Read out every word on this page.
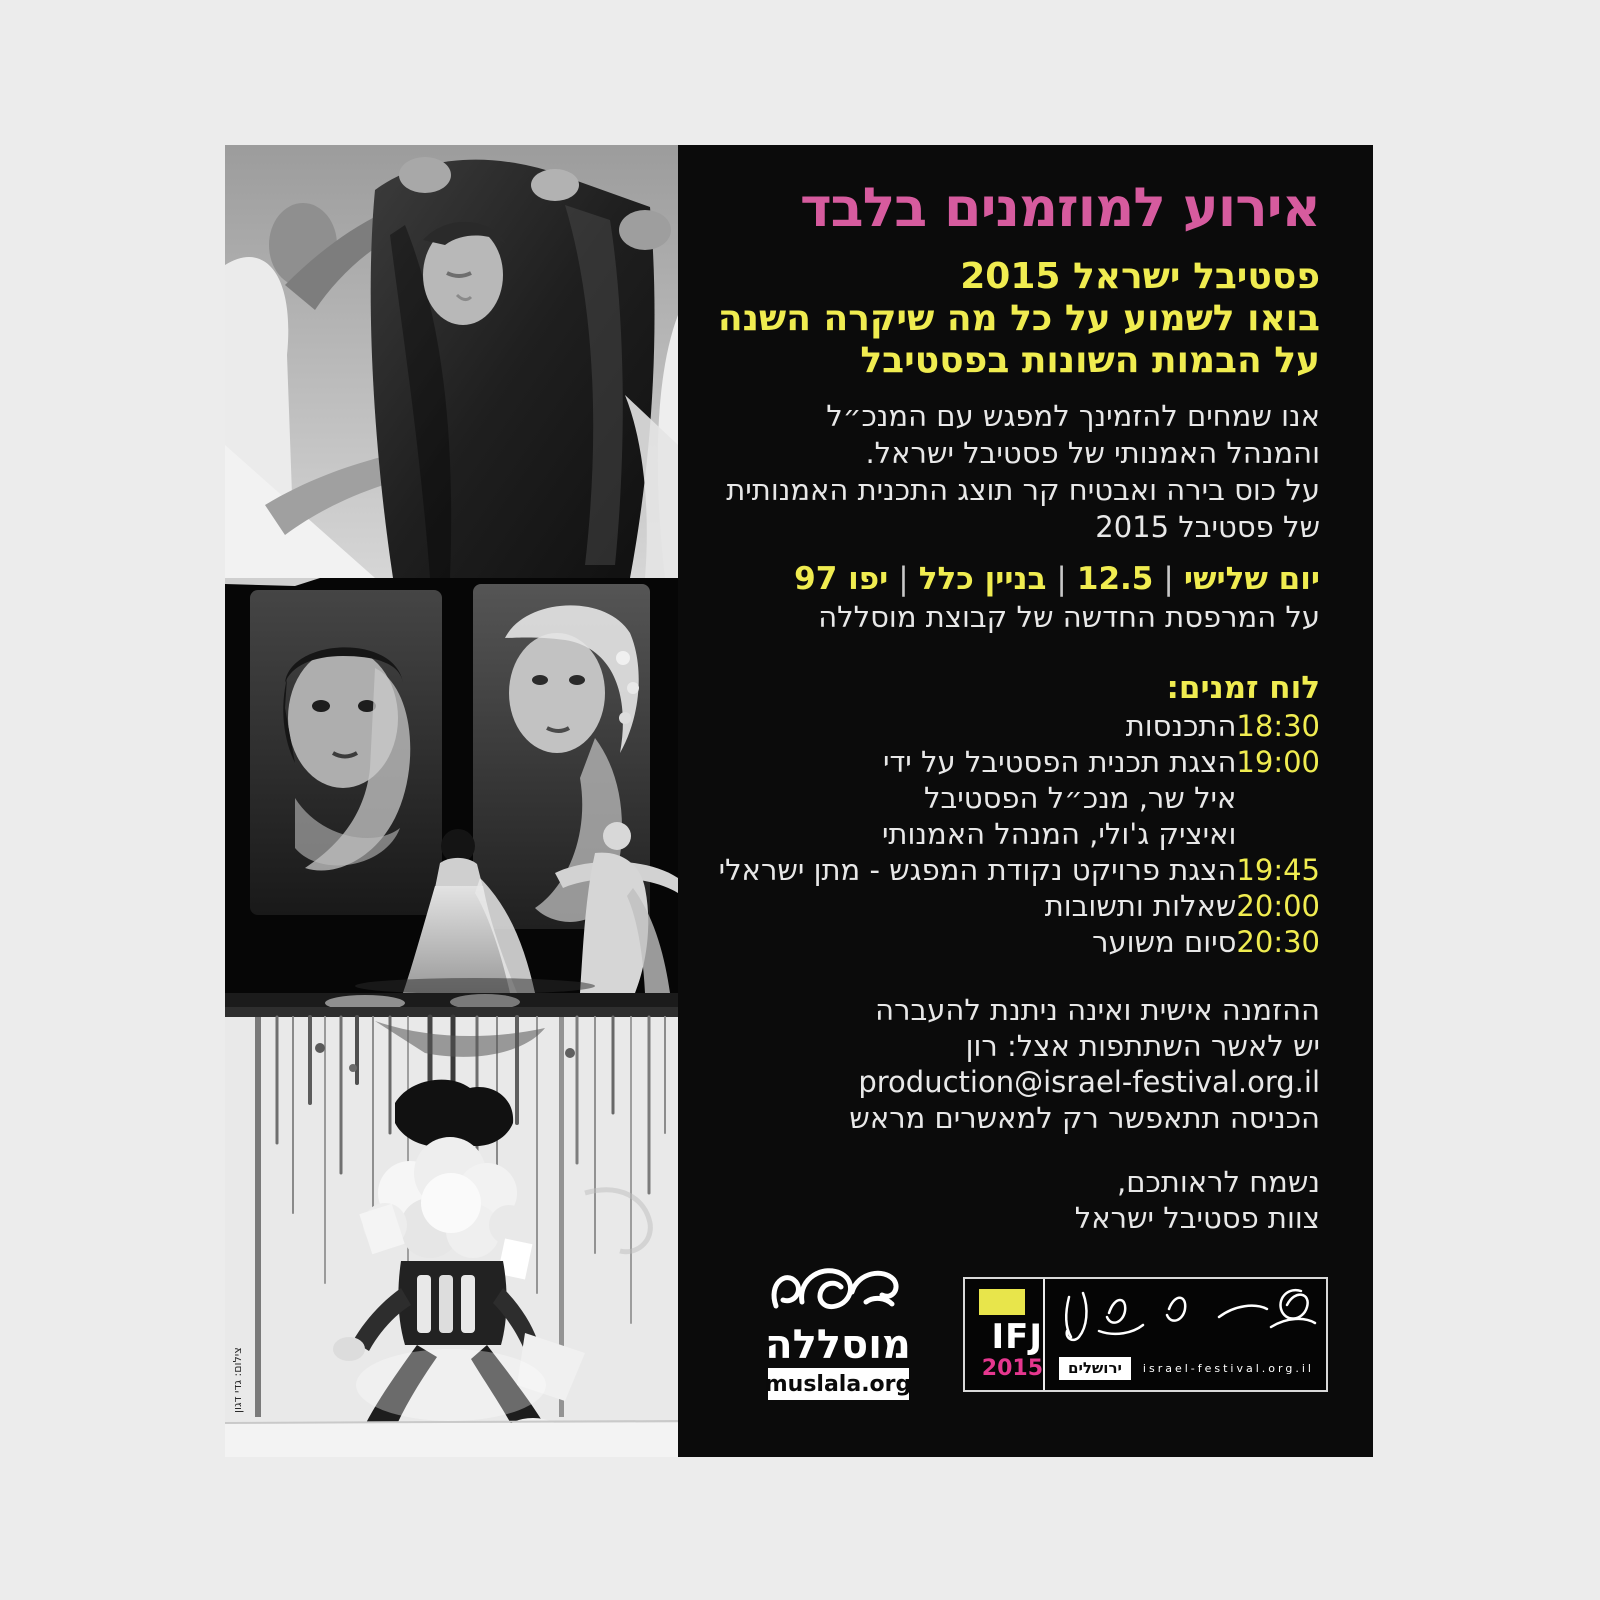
צילום: גדי דגון
אירוע למוזמנים בלבד
פסטיבל ישראל 2015
בואו לשמוע על כל מה שיקרה השנה
על הבמות השונות בפסטיבל
אנו שמחים להזמינך למפגש עם המנכ״ל
והמנהל האמנותי של פסטיבל ישראל.
על כוס בירה ואבטיח קר תוצג התכנית האמנותית
של פסטיבל 2015
יום שלישי|12.5|בניין כלל|יפו 97
על המרפסת החדשה של קבוצת מוסללה
לוח זמנים:
18:30
התכנסות
19:00
הצגת תכנית הפסטיבל על ידי
איל שר, מנכ״ל הפסטיבל
ואיציק ג'ולי, המנהל האמנותי
19:45
הצגת פרויקט נקודת המפגש - מתן ישראלי
20:00
שאלות ותשובות
20:30
סיום משוער
ההזמנה אישית ואינה ניתנת להעברה
יש לאשר השתתפות אצל: רון
production@israel-festival.org.il
הכניסה תתאפשר רק למאשרים מראש
נשמח לראותכם,
צוות פסטיבל ישראל
מוסללה
muslala.org
IFJ
2015	ירושלים	israel-festival.org.il
